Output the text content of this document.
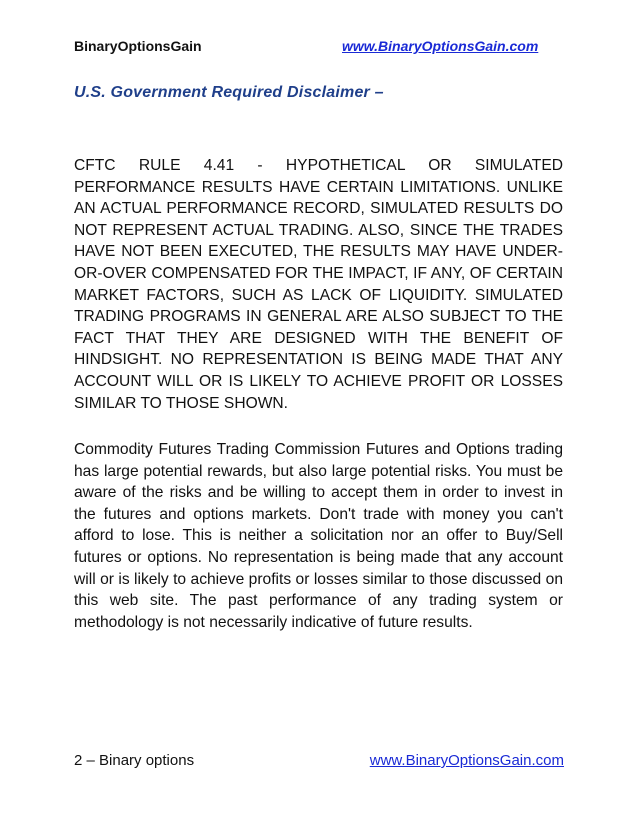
BinaryOptionsGain	www.BinaryOptionsGain.com
U.S. Government Required Disclaimer –

CFTC RULE 4.41 - HYPOTHETICAL OR SIMULATED PERFORMANCE RESULTS HAVE CERTAIN LIMITATIONS. UNLIKE AN ACTUAL PERFORMANCE RECORD, SIMULATED RESULTS DO NOT REPRESENT ACTUAL TRADING. ALSO, SINCE THE TRADES HAVE NOT BEEN EXECUTED, THE RESULTS MAY HAVE UNDER-OR-OVER COMPENSATED FOR THE IMPACT, IF ANY, OF CERTAIN MARKET FACTORS, SUCH AS LACK OF LIQUIDITY. SIMULATED TRADING PROGRAMS IN GENERAL ARE ALSO SUBJECT TO THE FACT THAT THEY ARE DESIGNED WITH THE BENEFIT OF HINDSIGHT. NO REPRESENTATION IS BEING MADE THAT ANY ACCOUNT WILL OR IS LIKELY TO ACHIEVE PROFIT OR LOSSES SIMILAR TO THOSE SHOWN.

Commodity Futures Trading Commission Futures and Options trading has large potential rewards, but also large potential risks. You must be aware of the risks and be willing to accept them in order to invest in the futures and options markets. Don't trade with money you can't afford to lose. This is neither a solicitation nor an offer to Buy/Sell futures or options. No representation is being made that any account will or is likely to achieve profits or losses similar to those discussed on this web site. The past performance of any trading system or methodology is not necessarily indicative of future results.

2 – Binary options	www.BinaryOptionsGain.com
